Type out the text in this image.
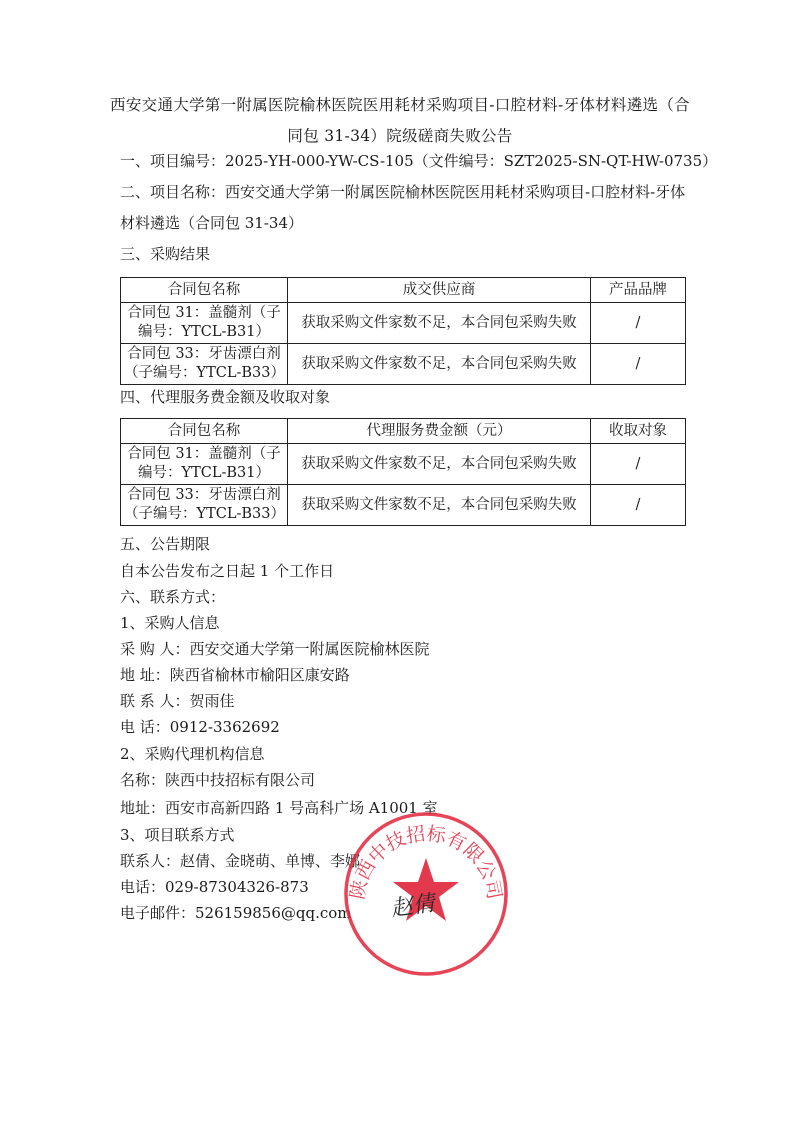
西安交通大学第一附属医院榆林医院医用耗材采购项目-口腔材料-牙体材料遴选（合同包 31-34）院级磋商失败公告
一、项目编号：2025-YH-000-YW-CS-105（文件编号：SZT2025-SN-QT-HW-0735）
二、项目名称：西安交通大学第一附属医院榆林医院医用耗材采购项目-口腔材料-牙体材料遴选（合同包 31-34）
三、采购结果
合同包名称	成交供应商	产品品牌
合同包 31：盖髓剂（子编号：YTCL-B31）	获取采购文件家数不足，本合同包采购失败	/
合同包 33：牙齿漂白剂（子编号：YTCL-B33）	获取采购文件家数不足，本合同包采购失败	/
四、代理服务费金额及收取对象
合同包名称	代理服务费金额（元）	收取对象
合同包 31：盖髓剂（子编号：YTCL-B31）	获取采购文件家数不足，本合同包采购失败	/
合同包 33：牙齿漂白剂（子编号：YTCL-B33）	获取采购文件家数不足，本合同包采购失败	/
五、公告期限
自本公告发布之日起 1 个工作日
六、联系方式：
1、采购人信息
采 购 人：西安交通大学第一附属医院榆林医院
地 址：陕西省榆林市榆阳区康安路
联 系 人：贺雨佳
电 话：0912-3362692
2、采购代理机构信息
名称：陕西中技招标有限公司
地址：西安市高新四路 1 号高科广场 A1001 室
3、项目联系方式
联系人：赵倩、金晓萌、单博、李娜
电话：029-87304326-873
电子邮件：526159856@qq.com
陕西中技招标有限公司
赵倩
